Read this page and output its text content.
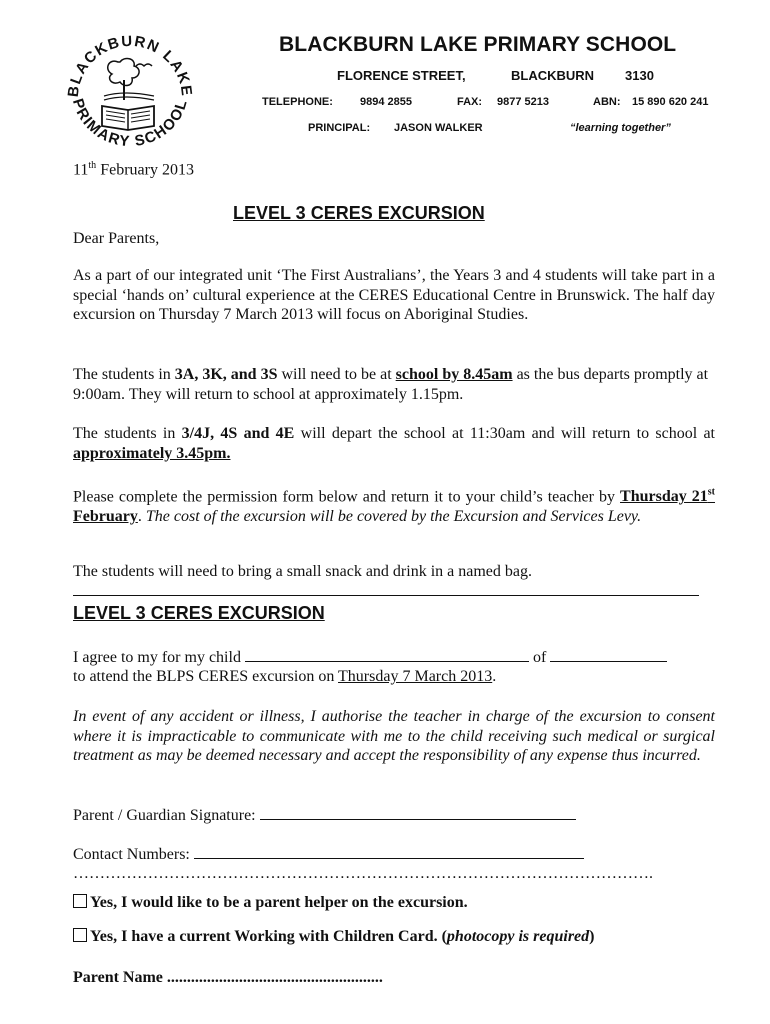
BLACKBURN LAKE
PRIMARY SCHOOL
BLACKBURN LAKE PRIMARY SCHOOL
FLORENCE STREET,	BLACKBURN 3130
TELEPHONE: 9894 2855	FAX: 9877 5213	ABN: 15 890 620 241
PRINCIPAL: JASON WALKER	“learning together”
11th February 2013
LEVEL 3 CERES EXCURSION
Dear Parents,
As a part of our integrated unit ‘The First Australians’, the Years 3 and 4 students will take part in a special ‘hands on’ cultural experience at the CERES Educational Centre in Brunswick. The half day excursion on Thursday 7 March 2013 will focus on Aboriginal Studies.
The students in 3A, 3K, and 3S will need to be at school by 8.45am as the bus departs promptly at 9:00am. They will return to school at approximately 1.15pm.
The students in 3/4J, 4S and 4E will depart the school at 11:30am and will return to school at approximately 3.45pm.
Please complete the permission form below and return it to your child’s teacher by Thursday 21st February. The cost of the excursion will be covered by the Excursion and Services Levy.
The students will need to bring a small snack and drink in a named bag.
LEVEL 3 CERES EXCURSION
I agree to my for my child	of
to attend the BLPS CERES excursion on Thursday 7 March 2013.
In event of any accident or illness, I authorise the teacher in charge of the excursion to consent where it is impracticable to communicate with me to the child receiving such medical or surgical treatment as may be deemed necessary and accept the responsibility of any expense thus incurred.
Parent / Guardian Signature:
Contact Numbers:
……………………………………………………………………………………………….
Yes, I would like to be a parent helper on the excursion.
Yes, I have a current Working with Children Card. (photocopy is required)
Parent Name ......................................................
